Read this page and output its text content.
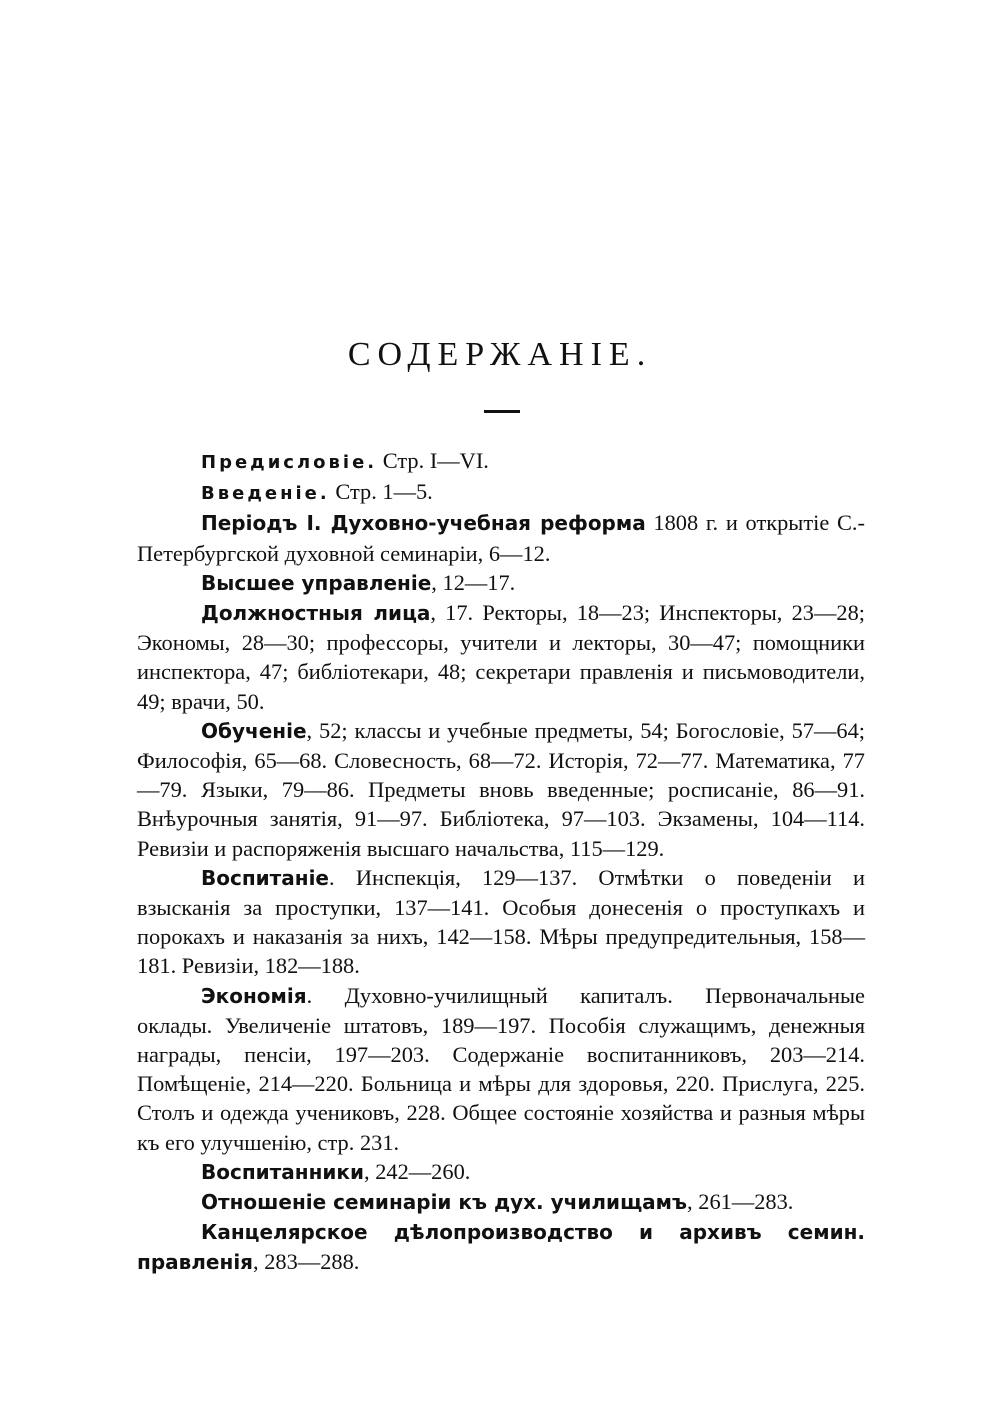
СОДЕРЖАНІЕ.

Предисловіе. Стр. I—VI.

Введеніе. Стр. 1—5.

Періодъ І. Духовно-учебная реформа 1808 г. и открытіе С.-Петербургской духовной семинаріи, 6—12.

Высшее управленіе, 12—17.

Должностныя лица, 17. Ректоры, 18—23; Инспекторы, 23—28; Экономы, 28—30; профессоры, учители и лекторы, 30—47; помощники инспектора, 47; библіотекари, 48; секретари правленія и письмоводители, 49; врачи, 50.

Обученіе, 52; классы и учебные предметы, 54; Богословіе, 57—64; Философія, 65—68. Словесность, 68—72. Исторія, 72—77. Математика, 77—79. Языки, 79—86. Предметы вновь введенные; росписаніе, 86—91. Внѣурочныя занятія, 91—97. Библіотека, 97—103. Экзамены, 104—114. Ревизіи и распоряженія высшаго начальства, 115—129.

Воспитаніе. Инспекція, 129—137. Отмѣтки о поведеніи и взысканія за проступки, 137—141. Особыя донесенія о проступкахъ и порокахъ и наказанія за нихъ, 142—158. Мѣры предупредительныя, 158—181. Ревизіи, 182—188.

Экономія. Духовно-училищный капиталъ. Первоначальные оклады. Увеличеніе штатовъ, 189—197. Пособія служащимъ, денежныя награды, пенсіи, 197—203. Содержаніе воспитанниковъ, 203—214. Помѣщеніе, 214—220. Больница и мѣры для здоровья, 220. Прислуга, 225. Столъ и одежда учениковъ, 228. Общее состояніе хозяйства и разныя мѣры къ его улучшенію, стр. 231.

Воспитанники, 242—260.

Отношеніе семинаріи къ дух. училищамъ, 261—283.

Канцелярское дѣлопроизводство и архивъ семин. правленія, 283—288.
